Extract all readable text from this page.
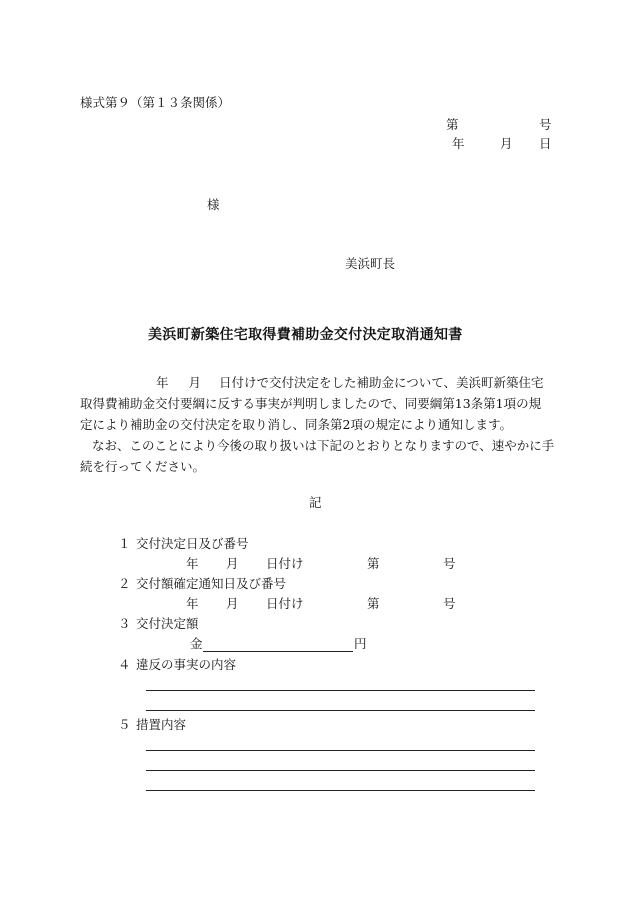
様式第９（第１３条関係）
第	号
年	月 日
様
美浜町長
美浜町新築住宅取得費補助金交付決定取消通知書
年 月 日付けで交付決定をした補助金について、美浜町新築住宅
取得費補助金交付要綱に反する事実が判明しましたので、同要綱第13条第1項の規
定により補助金の交付決定を取り消し、同条第2項の規定により通知します。
なお、このことにより今後の取り扱いは下記のとおりとなりますので、速やかに手続を行ってください。
記
１ 交付決定日及び番号
年 月 日付け	第	号
２ 交付額確定通知日及び番号
年 月 日付け	第	号
３ 交付決定額
金	円
４ 違反の事実の内容
５ 措置内容
